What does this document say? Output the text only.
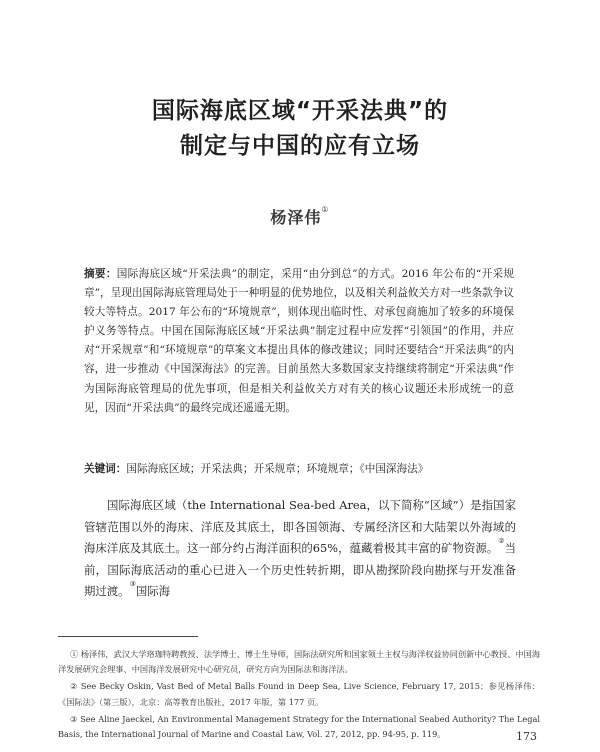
国际海底区域“开采法典”的
制定与中国的应有立场
杨泽伟①

摘要：国际海底区域“开采法典”的制定，采用“由分到总”的方式。2016 年公布的“开采规章”，呈现出国际海底管理局处于一种明显的优势地位，以及相关利益攸关方对一些条款争议较大等特点。2017 年公布的“环境规章”，则体现出临时性、对承包商施加了较多的环境保护义务等特点。中国在国际海底区域“开采法典”制定过程中应发挥“引领国”的作用，并应对“开采规章”和“环境规章”的草案文本提出具体的修改建议；同时还要结合“开采法典”的内容，进一步推动《中国深海法》的完善。目前虽然大多数国家支持继续将制定“开采法典”作为国际海底管理局的优先事项，但是相关利益攸关方对有关的核心议题还未形成统一的意见，因而“开采法典”的最终完成还遥遥无期。

关键词：国际海底区域；开采法典；开采规章；环境规章；《中国深海法》

国际海底区域（the International Sea-bed Area，以下简称“区域”）是指国家管辖范围以外的海床、洋底及其底土，即各国领海、专属经济区和大陆架以外海域的海床洋底及其底土。这一部分约占海洋面积的65%，蕴藏着极其丰富的矿物资源。②当前，国际海底活动的重心已进入一个历史性转折期，即从勘探阶段向勘探与开发准备期过渡。③国际海

① 杨泽伟，武汉大学珞珈特聘教授、法学博士、博士生导师，国际法研究所和国家领土主权与海洋权益协同创新中心教授、中国海洋发展研究会理事、中国海洋发展研究中心研究员，研究方向为国际法和海洋法。

② See Becky Oskin, Vast Bed of Metal Balls Found in Deep Sea, Live Science, February 17, 2015；参见杨泽伟：《国际法》（第三版），北京：高等教育出版社，2017 年版，第 177 页。

③ See Aline Jaeckel, An Environmental Management Strategy for the International Seabed Authority? The Legal Basis, the International Journal of Marine and Coastal Law, Vol. 27, 2012, pp. 94-95, p. 119。	173
